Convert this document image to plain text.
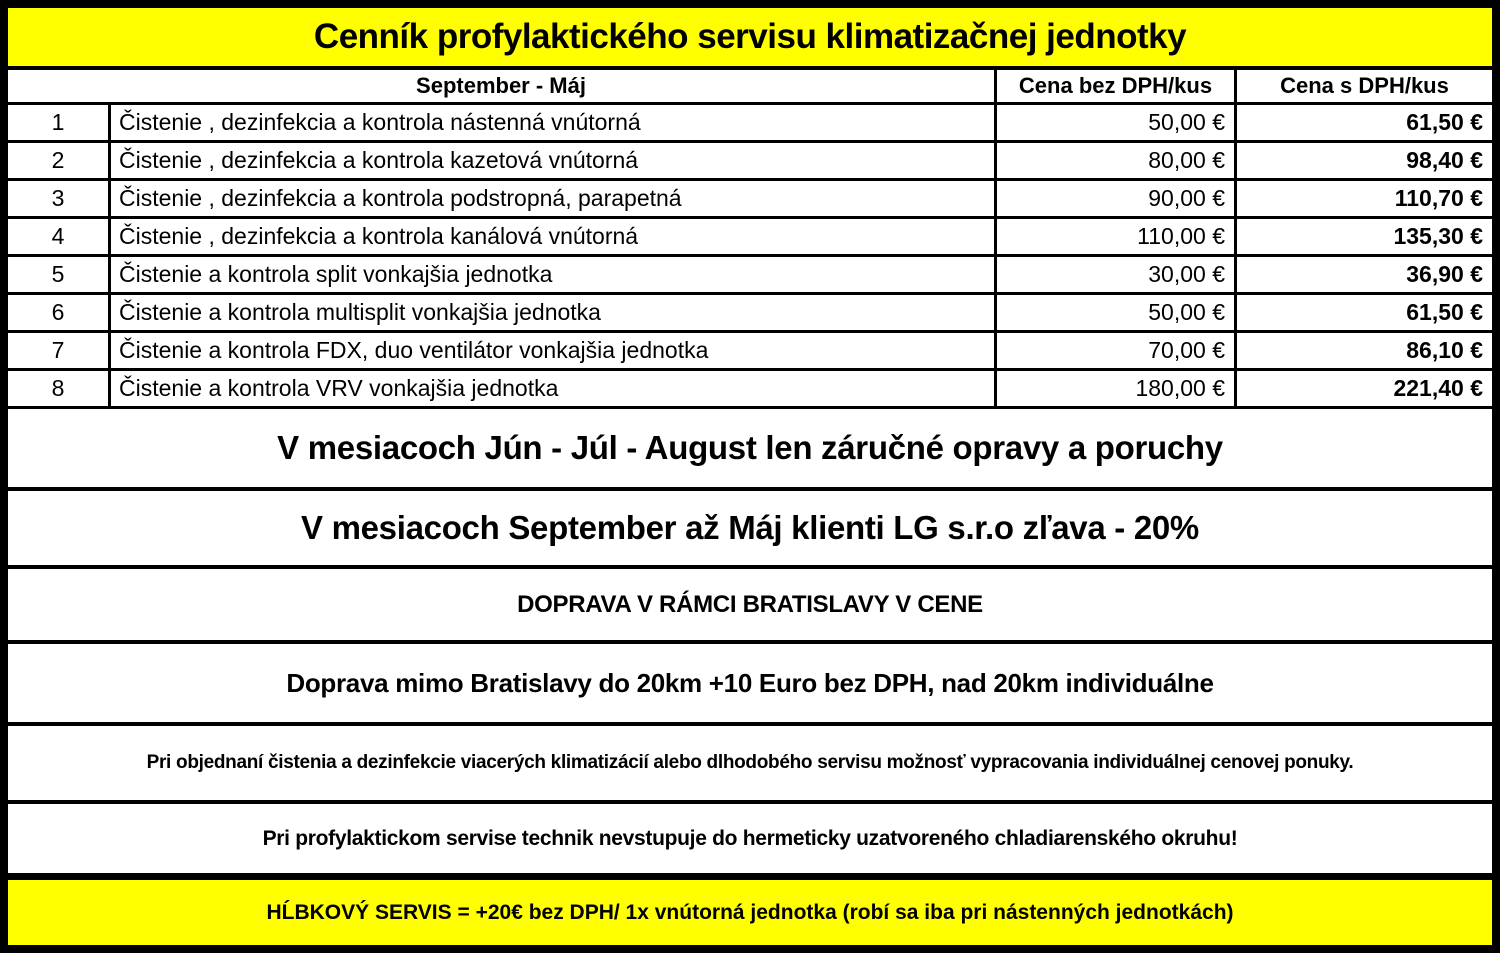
Cenník profylaktického servisu klimatizačnej jednotky
September - Máj	Cena bez DPH/kus	Cena s DPH/kus
1	Čistenie , dezinfekcia a kontrola nástenná vnútorná	50,00 €	61,50 €
2	Čistenie , dezinfekcia a kontrola kazetová vnútorná	80,00 €	98,40 €
3	Čistenie , dezinfekcia a kontrola podstropná, parapetná	90,00 €	110,70 €
4	Čistenie , dezinfekcia a kontrola kanálová vnútorná	110,00 €	135,30 €
5	Čistenie a kontrola split vonkajšia jednotka	30,00 €	36,90 €
6	Čistenie a kontrola multisplit vonkajšia jednotka	50,00 €	61,50 €
7	Čistenie a kontrola FDX, duo ventilátor vonkajšia jednotka	70,00 €	86,10 €
8	Čistenie a kontrola VRV vonkajšia jednotka	180,00 €	221,40 €
V mesiacoch Jún - Júl - August len záručné opravy a poruchy
V mesiacoch September až Máj klienti LG s.r.o zľava - 20%
DOPRAVA V RÁMCI BRATISLAVY V CENE
Doprava mimo Bratislavy do 20km +10 Euro bez DPH, nad 20km individuálne
Pri objednaní čistenia a dezinfekcie viacerých klimatizácií alebo dlhodobého servisu možnosť vypracovania individuálnej cenovej ponuky.
Pri profylaktickom servise technik nevstupuje do hermeticky uzatvoreného chladiarenského okruhu!
HĹBKOVÝ SERVIS = +20€ bez DPH/ 1x vnútorná jednotka (robí sa iba pri nástenných jednotkách)
